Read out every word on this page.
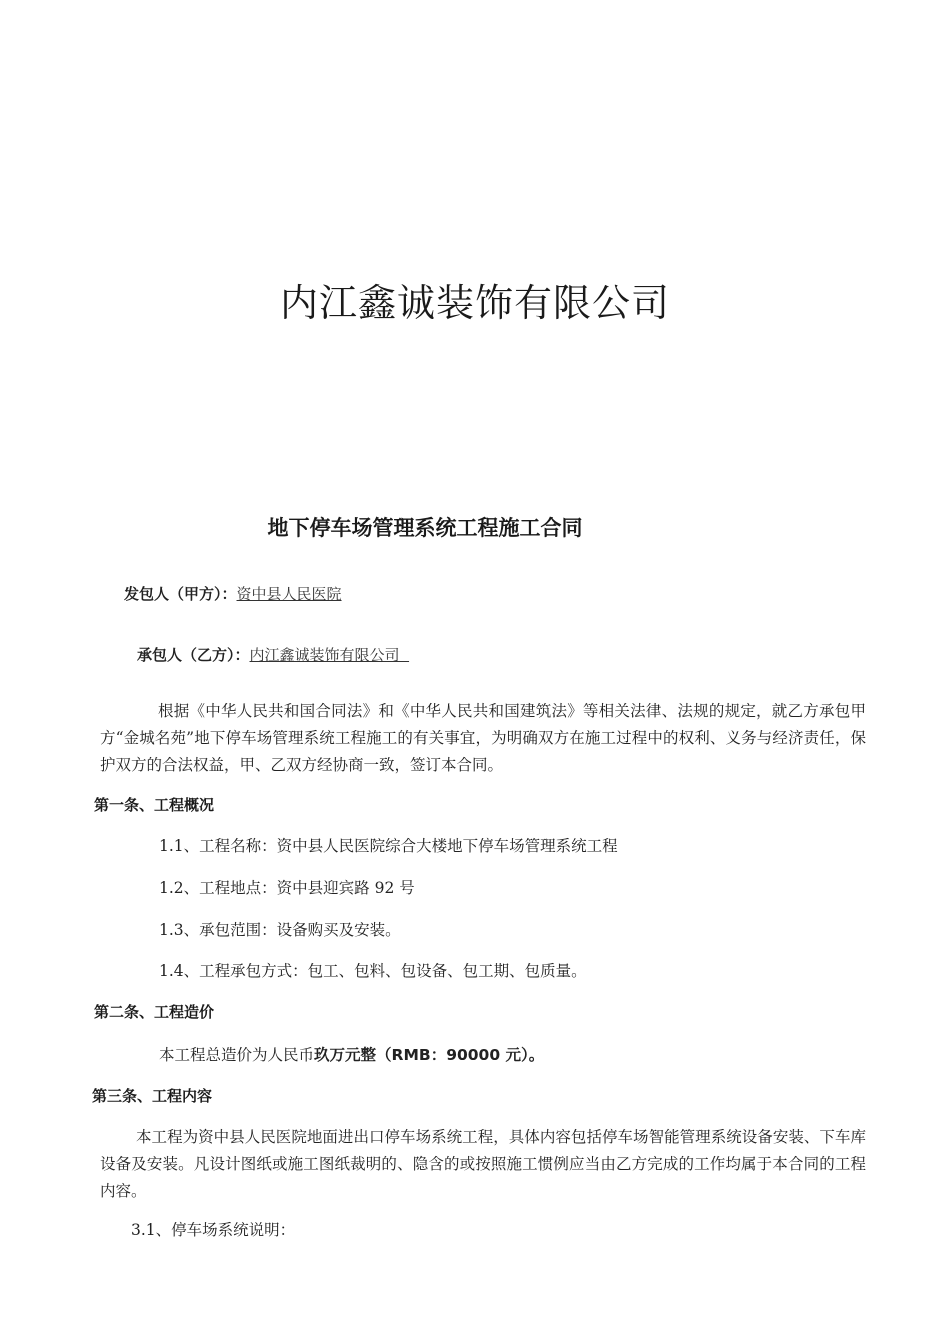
内江鑫诚装饰有限公司
地下停车场管理系统工程施工合同
发包人（甲方）：资中县人民医院
承包人（乙方）：内江鑫诚装饰有限公司
根据《中华人民共和国合同法》和《中华人民共和国建筑法》等相关法律、法规的规定，就乙方承包甲方“金城名苑”地下停车场管理系统工程施工的有关事宜，为明确双方在施工过程中的权利、义务与经济责任，保护双方的合法权益，甲、乙双方经协商一致，签订本合同。
第一条、工程概况
1.1、工程名称：资中县人民医院综合大楼地下停车场管理系统工程
1.2、工程地点：资中县迎宾路 92 号
1.3、承包范围：设备购买及安装。
1.4、工程承包方式：包工、包料、包设备、包工期、包质量。
第二条、工程造价
本工程总造价为人民币玖万元整（RMB：90000 元）。
第三条、工程内容
本工程为资中县人民医院地面进出口停车场系统工程，具体内容包括停车场智能管理系统设备安装、下车库设备及安装。凡设计图纸或施工图纸裁明的、隐含的或按照施工惯例应当由乙方完成的工作均属于本合同的工程内容。
3.1、停车场系统说明：
